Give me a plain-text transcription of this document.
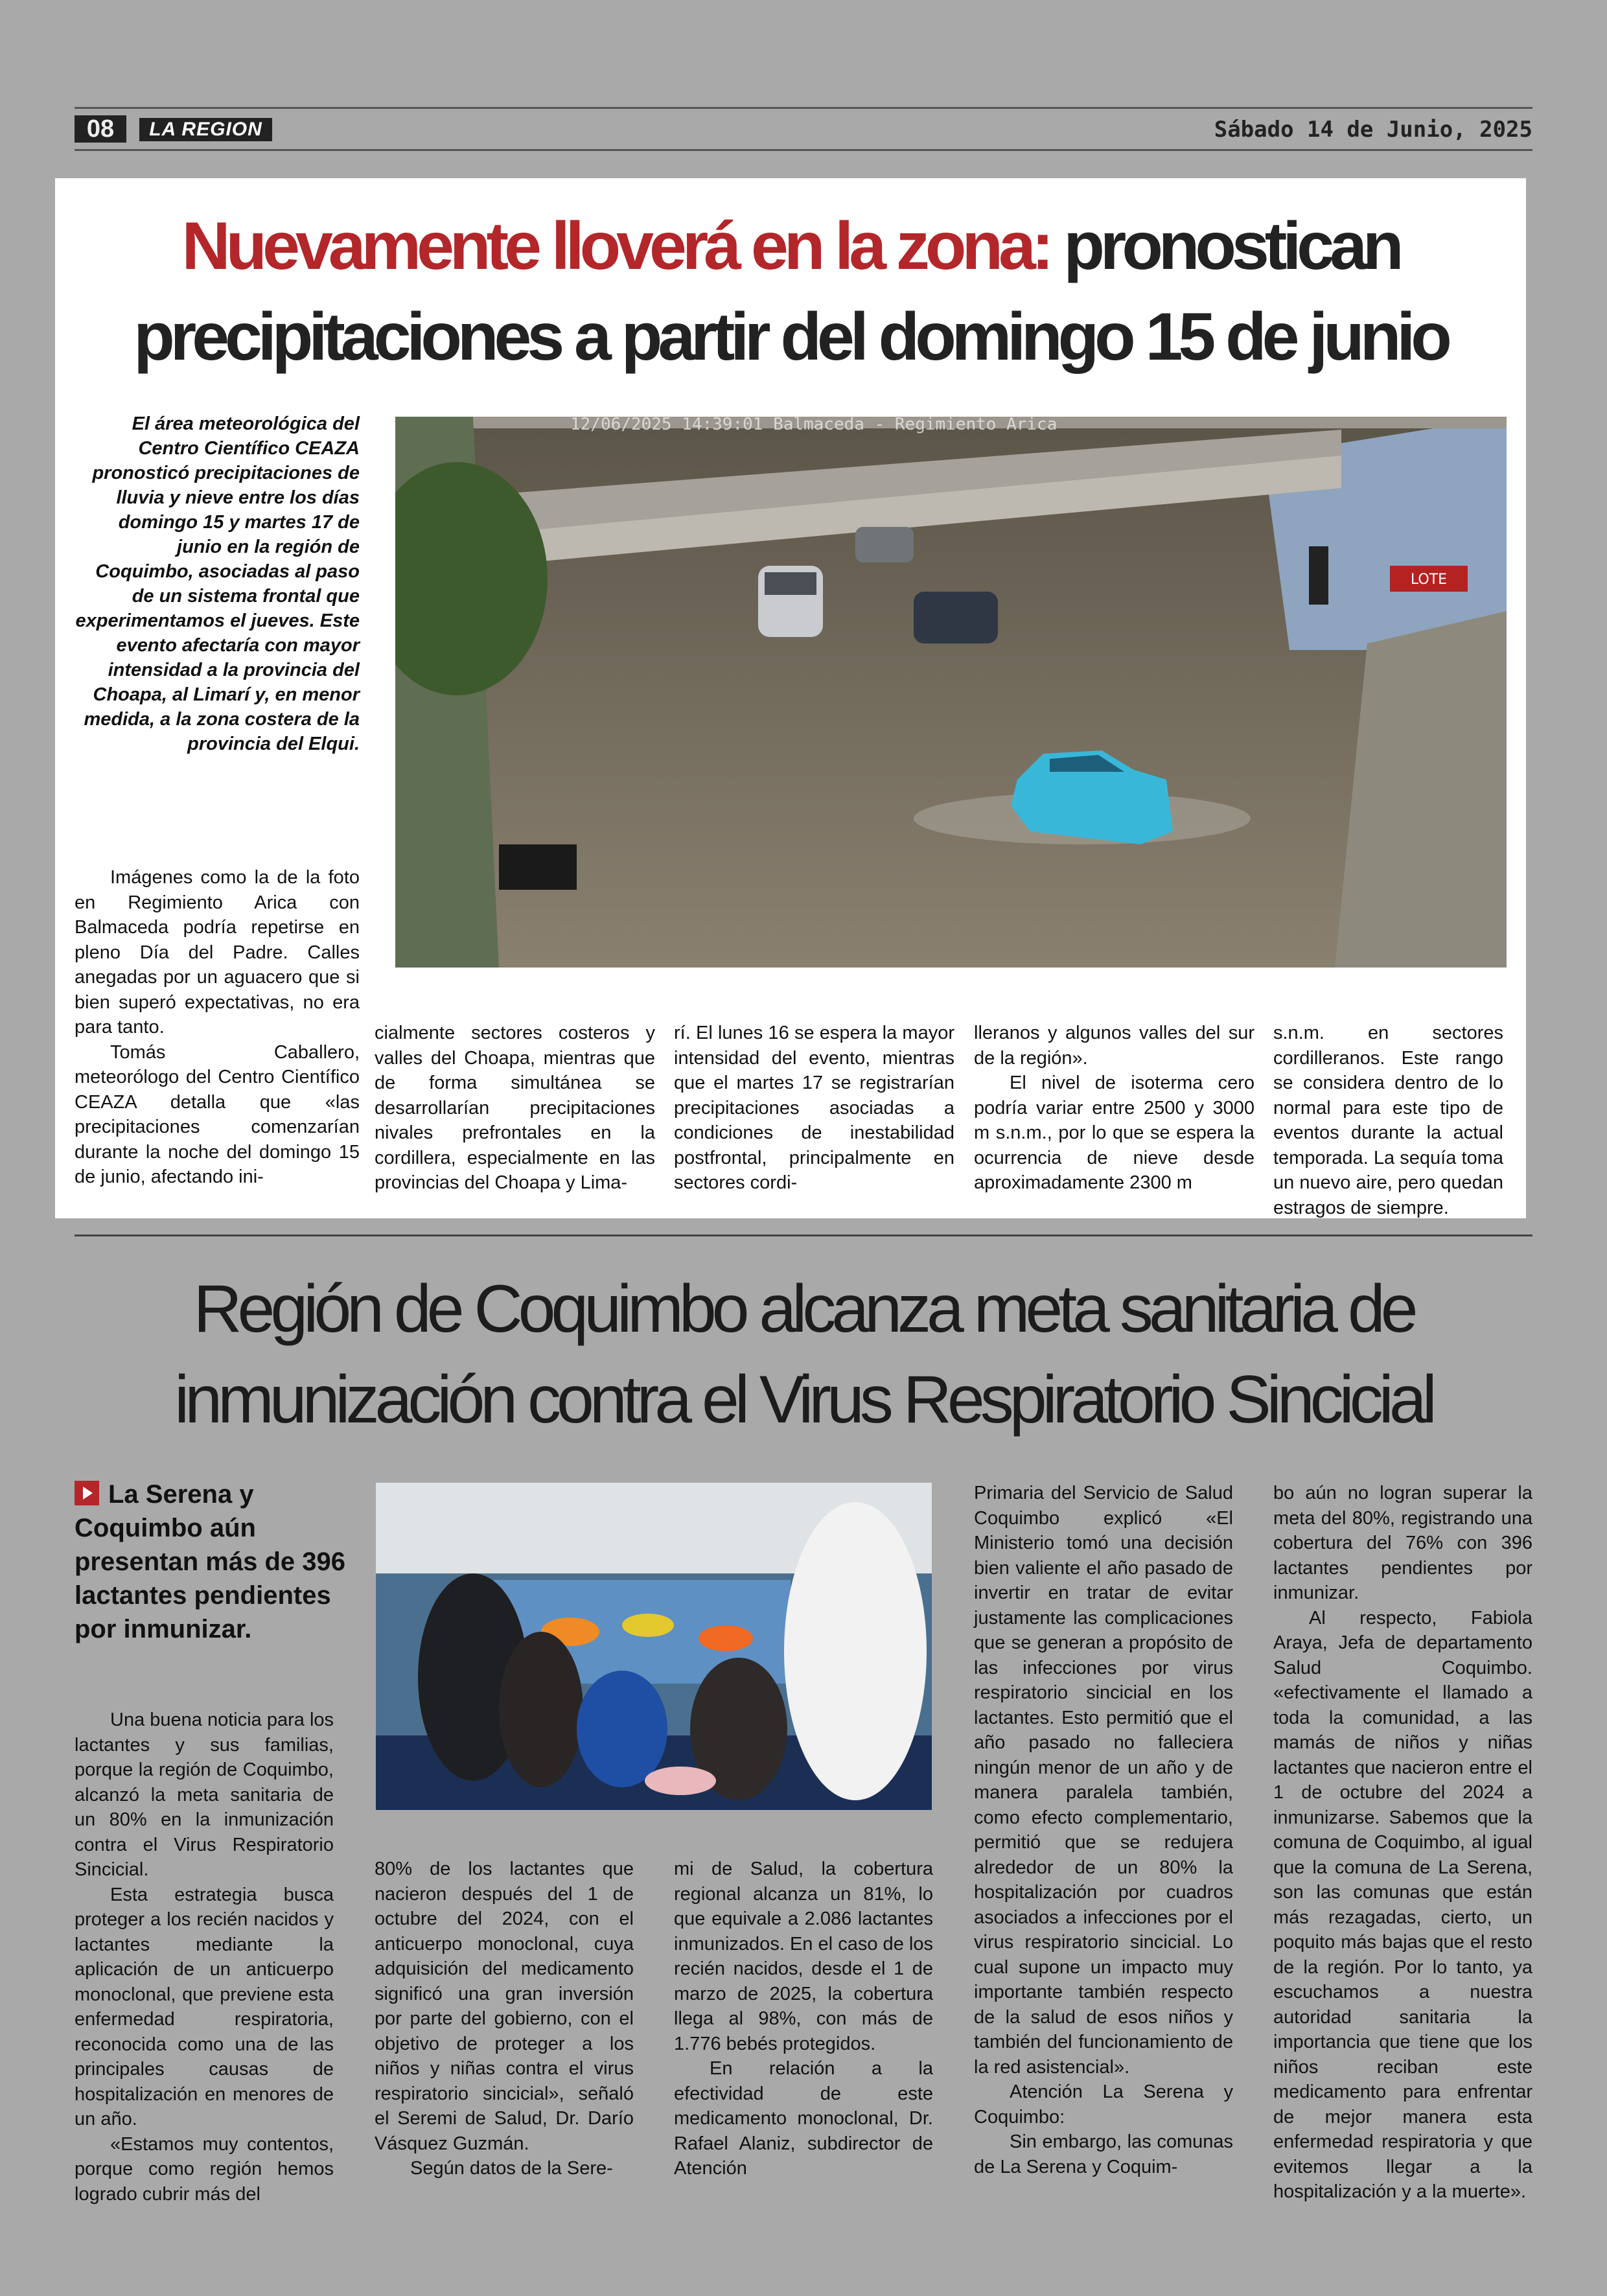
08	LA REGION	Sábado 14 de Junio, 2025
Nuevamente lloverá en la zona: pronostican precipitaciones a partir del domingo 15 de junio
El área meteorológica del Centro Científico CEAZA pronosticó precipitaciones de lluvia y nieve entre los días domingo 15 y martes 17 de junio en la región de Coquimbo, asociadas al paso de un sistema frontal que experimentamos el jueves. Este evento afectaría con mayor intensidad a la provincia del Choapa, al Limarí y, en menor medida, a la zona costera de la provincia del Elqui.
LOTE
12/06/2025 14:39:01 Balmaceda - Regimiento Arica

Imágenes como la de la foto en Regimiento Arica con Balmaceda podría repetirse en pleno Día del Padre. Calles anegadas por un aguacero que si bien superó expectativas, no era para tanto.

Tomás Caballero, meteorólogo del Centro Científico CEAZA detalla que «las precipitaciones comenzarían durante la noche del domingo 15 de junio, afectando ini-

cialmente sectores costeros y valles del Choapa, mientras que de forma simultánea se desarrollarían precipitaciones nivales prefrontales en la cordillera, especialmente en las provincias del Choapa y Lima-

rí. El lunes 16 se espera la mayor intensidad del evento, mientras que el martes 17 se registrarían precipitaciones asociadas a condiciones de inestabilidad postfrontal, principalmente en sectores cordi-

lleranos y algunos valles del sur de la región».

El nivel de isoterma cero podría variar entre 2500 y 3000 m s.n.m., por lo que se espera la ocurrencia de nieve desde aproximadamente 2300 m

s.n.m. en sectores cordilleranos. Este rango se considera dentro de lo normal para este tipo de eventos durante la actual temporada. La sequía toma un nuevo aire, pero quedan estragos de siempre.

Región de Coquimbo alcanza meta sanitaria de inmunización contra el Virus Respiratorio Sincicial
La Serena y Coquimbo aún presentan más de 396 lactantes pendientes por inmunizar.

Una buena noticia para los lactantes y sus familias, porque la región de Coquimbo, alcanzó la meta sanitaria de un 80% en la inmunización contra el Virus Respiratorio Sincicial.

Esta estrategia busca proteger a los recién nacidos y lactantes mediante la aplicación de un anticuerpo monoclonal, que previene esta enfermedad respiratoria, reconocida como una de las principales causas de hospitalización en menores de un año.

«Estamos muy contentos, porque como región hemos logrado cubrir más del

80% de los lactantes que nacieron después del 1 de octubre del 2024, con el anticuerpo monoclonal, cuya adquisición del medicamento significó una gran inversión por parte del gobierno, con el objetivo de proteger a los niños y niñas contra el virus respiratorio sincicial», señaló el Seremi de Salud, Dr. Darío Vásquez Guzmán.

Según datos de la Sere-

mi de Salud, la cobertura regional alcanza un 81%, lo que equivale a 2.086 lactantes inmunizados. En el caso de los recién nacidos, desde el 1 de marzo de 2025, la cobertura llega al 98%, con más de 1.776 bebés protegidos.

En relación a la efectividad de este medicamento monoclonal, Dr. Rafael Alaniz, subdirector de Atención

Primaria del Servicio de Salud Coquimbo explicó «El Ministerio tomó una decisión bien valiente el año pasado de invertir en tratar de evitar justamente las complicaciones que se generan a propósito de las infecciones por virus respiratorio sincicial en los lactantes. Esto permitió que el año pasado no falleciera ningún menor de un año y de manera paralela también, como efecto complementario, permitió que se redujera alrededor de un 80% la hospitalización por cuadros asociados a infecciones por el virus respiratorio sincicial. Lo cual supone un impacto muy importante también respecto de la salud de esos niños y también del funcionamiento de la red asistencial».

Atención La Serena y Coquimbo:

Sin embargo, las comunas de La Serena y Coquim-

bo aún no logran superar la meta del 80%, registrando una cobertura del 76% con 396 lactantes pendientes por inmunizar.

Al respecto, Fabiola Araya, Jefa de departamento Salud Coquimbo. «efectivamente el llamado a toda la comunidad, a las mamás de niños y niñas lactantes que nacieron entre el 1 de octubre del 2024 a inmunizarse. Sabemos que la comuna de Coquimbo, al igual que la comuna de La Serena, son las comunas que están más rezagadas, cierto, un poquito más bajas que el resto de la región. Por lo tanto, ya escuchamos a nuestra autoridad sanitaria la importancia que tiene que los niños reciban este medicamento para enfrentar de mejor manera esta enfermedad respiratoria y que evitemos llegar a la hospitalización y a la muerte».
